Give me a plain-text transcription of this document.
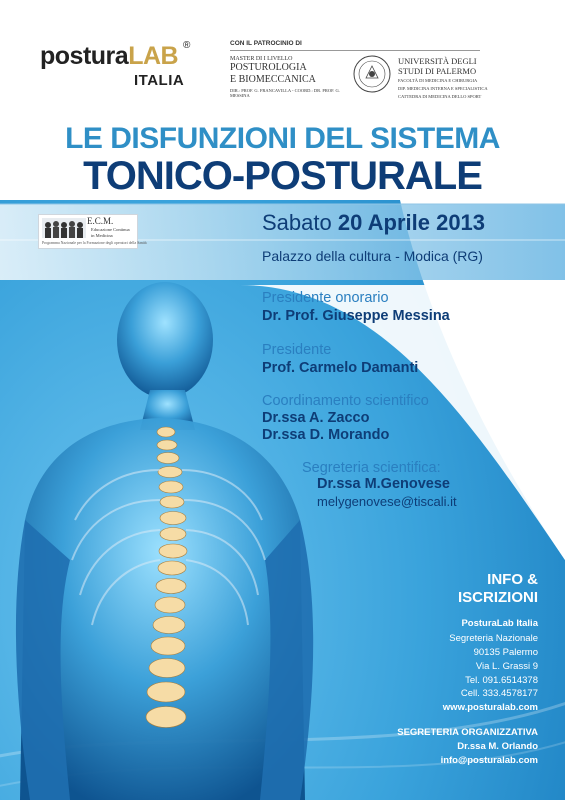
posturaLAB ®
ITALIA
CON IL PATROCINIO DI
MASTER DI I LIVELLO
POSTUROLOGIA
E BIOMECCANICA
DIR.: PROF. G. FRANCAVILLA - COORD.: DR. PROF. G. MESSINA
UNIVERSITÀ DEGLI
STUDI DI PALERMO
FACOLTÀ DI MEDICINA E CHIRURGIA
DIP. MEDICINA INTERNA E SPECIALISTICA
CATTEDRA DI MEDICINA DELLO SPORT
LE DISFUNZIONI DEL SISTEMA
TONICO-POSTURALE
E.C.M.
Educazione Continua
in Medicina
Programma Nazionale per la Formazione degli operatori della Sanità
Sabato 20 Aprile 2013
Palazzo della cultura - Modica (RG)
Presidente onorario
Dr. Prof. Giuseppe Messina
Presidente
Prof. Carmelo Damanti
Coordinamento scientifico
Dr.ssa A. Zacco
Dr.ssa D. Morando
Segreteria scientifica:
Dr.ssa M.Genovese
melygenovese@tiscali.it
INFO &
ISCRIZIONI
PosturaLab Italia
Segreteria Nazionale
90135 Palermo
Via L. Grassi 9
Tel. 091.6514378
Cell. 333.4578177
www.posturalab.com
SEGRETERIA ORGANIZZATIVA
Dr.ssa M. Orlando
info@posturalab.com
